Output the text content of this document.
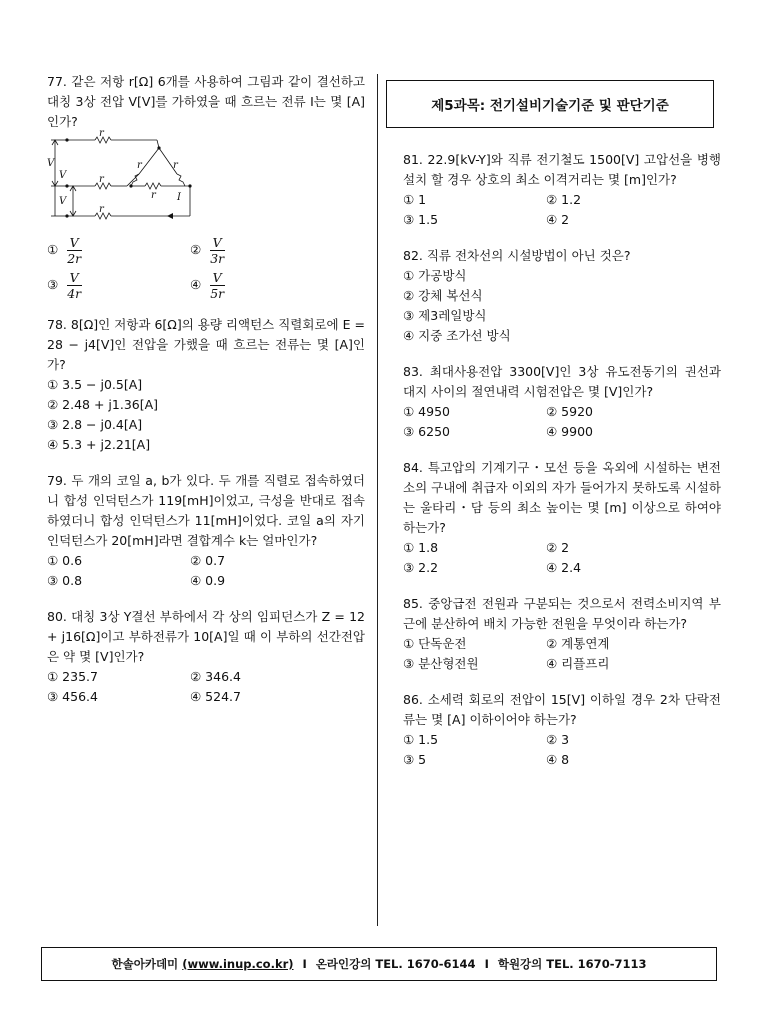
제5과목: 전기설비기술기준 및 판단기준
77. 같은 저항 r[Ω] 6개를 사용하여 그림과 같이 결선하고 대칭 3상 전압 V[V]를 가하였을 때 흐르는 전류 I는 몇 [A]인가?
r
r
r
r	r
r I
V
V
V
① $\frac{V}{2r}$	② $\frac{V}{3r}$
③ $\frac{V}{4r}$	④ $\frac{V}{5r}$
78. 8[Ω]인 저항과 6[Ω]의 용량 리액턴스 직렬회로에 E = 28 − j4[V]인 전압을 가했을 때 흐르는 전류는 몇 [A]인가?
① 3.5 − j0.5[A]
② 2.48 + j1.36[A]
③ 2.8 − j0.4[A]
④ 5.3 + j2.21[A]
79. 두 개의 코일 a, b가 있다. 두 개를 직렬로 접속하였더니 합성 인덕턴스가 119[mH]이었고, 극성을 반대로 접속하였더니 합성 인덕턴스가 11[mH]이었다. 코일 a의 자기 인덕턴스가 20[mH]라면 결합계수 k는 얼마인가?
① 0.6	② 0.7
③ 0.8	④ 0.9
80. 대칭 3상 Y결선 부하에서 각 상의 임피던스가 Z = 12 + j16[Ω]이고 부하전류가 10[A]일 때 이 부하의 선간전압은 약 몇 [V]인가?
① 235.7	② 346.4
③ 456.4	④ 524.7
81. 22.9[kV-Y]와 직류 전기철도 1500[V] 고압선을 병행설치 할 경우 상호의 최소 이격거리는 몇 [m]인가?
① 1	② 1.2
③ 1.5	④ 2
82. 직류 전차선의 시설방법이 아닌 것은?
① 가공방식
② 강체 복선식
③ 제3레일방식
④ 지중 조가선 방식
83. 최대사용전압 3300[V]인 3상 유도전동기의 권선과 대지 사이의 절연내력 시험전압은 몇 [V]인가?
① 4950	② 5920
③ 6250	④ 9900
84. 특고압의 기계기구・모선 등을 옥외에 시설하는 변전소의 구내에 취급자 이외의 자가 들어가지 못하도록 시설하는 울타리・담 등의 최소 높이는 몇 [m] 이상으로 하여야 하는가?
① 1.8	② 2
③ 2.2	④ 2.4
85. 중앙급전 전원과 구분되는 것으로서 전력소비지역 부근에 분산하여 배치 가능한 전원을 무엇이라 하는가?
① 단독운전	② 계통연계
③ 분산형전원	④ 리플프리
86. 소세력 회로의 전압이 15[V] 이하일 경우 2차 단락전류는 몇 [A] 이하이어야 하는가?
① 1.5	② 3
③ 5	④ 8
한솔아카데미
(www.inup.co.kr) I 온라인강의 TEL. 1670-6144 I 학원강의 TEL. 1670-7113
